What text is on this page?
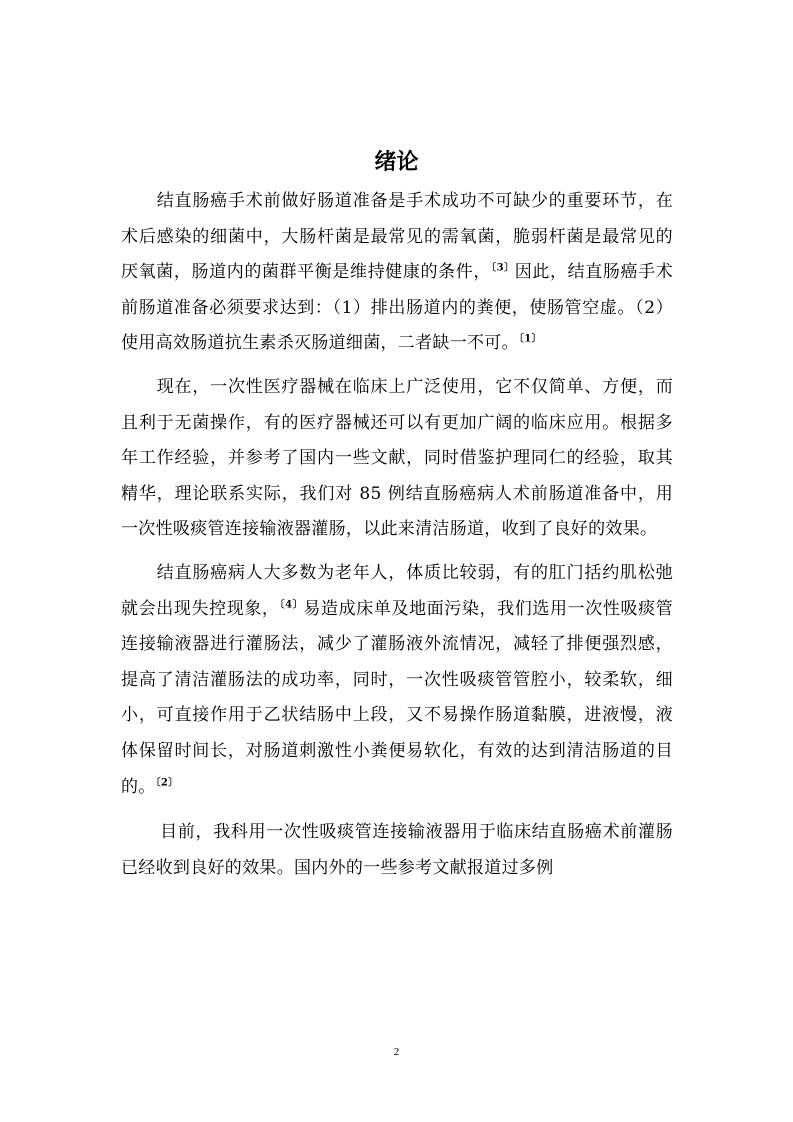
绪论

结直肠癌手术前做好肠道准备是手术成功不可缺少的重要环节，在术后感染的细菌中，大肠杆菌是最常见的需氧菌，脆弱杆菌是最常见的厌氧菌，肠道内的菌群平衡是维持健康的条件，$^{〔3〕}$因此，结直肠癌手术前肠道准备必须要求达到：（1）排出肠道内的粪便，使肠管空虚。（2）使用高效肠道抗生素杀灭肠道细菌，二者缺一不可。$^{〔1〕}$

现在，一次性医疗器械在临床上广泛使用，它不仅简单、方便，而且利于无菌操作，有的医疗器械还可以有更加广阔的临床应用。根据多年工作经验，并参考了国内一些文献，同时借鉴护理同仁的经验，取其精华，理论联系实际，我们对 85 例结直肠癌病人术前肠道准备中，用一次性吸痰管连接输液器灌肠，以此来清洁肠道，收到了良好的效果。

结直肠癌病人大多数为老年人，体质比较弱，有的肛门括约肌松弛就会出现失控现象，$^{〔4〕}$易造成床单及地面污染，我们选用一次性吸痰管连接输液器进行灌肠法，减少了灌肠液外流情况，减轻了排便强烈感，提高了清洁灌肠法的成功率，同时，一次性吸痰管管腔小，较柔软，细小，可直接作用于乙状结肠中上段，又不易操作肠道黏膜，进液慢，液体保留时间长，对肠道刺激性小粪便易软化，有效的达到清洁肠道的目的。$^{〔2〕}$

目前，我科用一次性吸痰管连接输液器用于临床结直肠癌术前灌肠已经收到良好的效果。国内外的一些参考文献报道过多例

2
